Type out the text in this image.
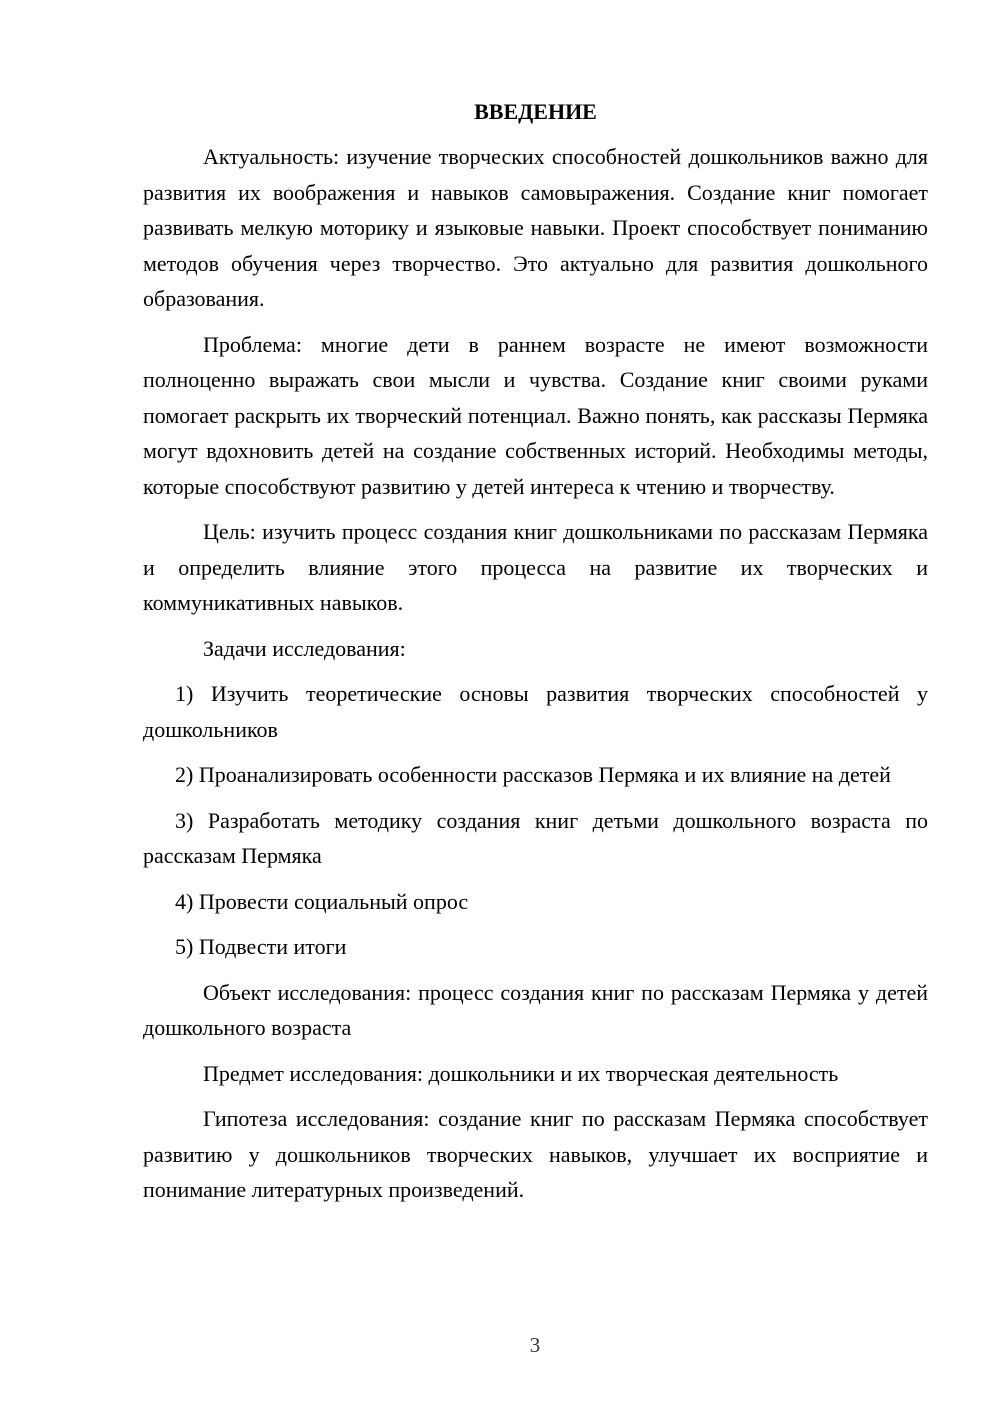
ВВЕДЕНИЕ

Актуальность: изучение творческих способностей дошкольников важно для развития их воображения и навыков самовыражения. Создание книг помогает развивать мелкую моторику и языковые навыки. Проект способствует пониманию методов обучения через творчество. Это актуально для развития дошкольного образования.

Проблема: многие дети в раннем возрасте не имеют возможности полноценно выражать свои мысли и чувства. Создание книг своими руками помогает раскрыть их творческий потенциал. Важно понять, как рассказы Пермяка могут вдохновить детей на создание собственных историй. Необходимы методы, которые способствуют развитию у детей интереса к чтению и творчеству.

Цель: изучить процесс создания книг дошкольниками по рассказам Пермяка и определить влияние этого процесса на развитие их творческих и коммуникативных навыков.

Задачи исследования:

1) Изучить теоретические основы развития творческих способностей у дошкольников

2) Проанализировать особенности рассказов Пермяка и их влияние на детей

3) Разработать методику создания книг детьми дошкольного возраста по рассказам Пермяка

4) Провести социальный опрос

5) Подвести итоги

Объект исследования: процесс создания книг по рассказам Пермяка у детей дошкольного возраста

Предмет исследования: дошкольники и их творческая деятельность

Гипотеза исследования: создание книг по рассказам Пермяка способствует развитию у дошкольников творческих навыков, улучшает их восприятие и понимание литературных произведений.

3
